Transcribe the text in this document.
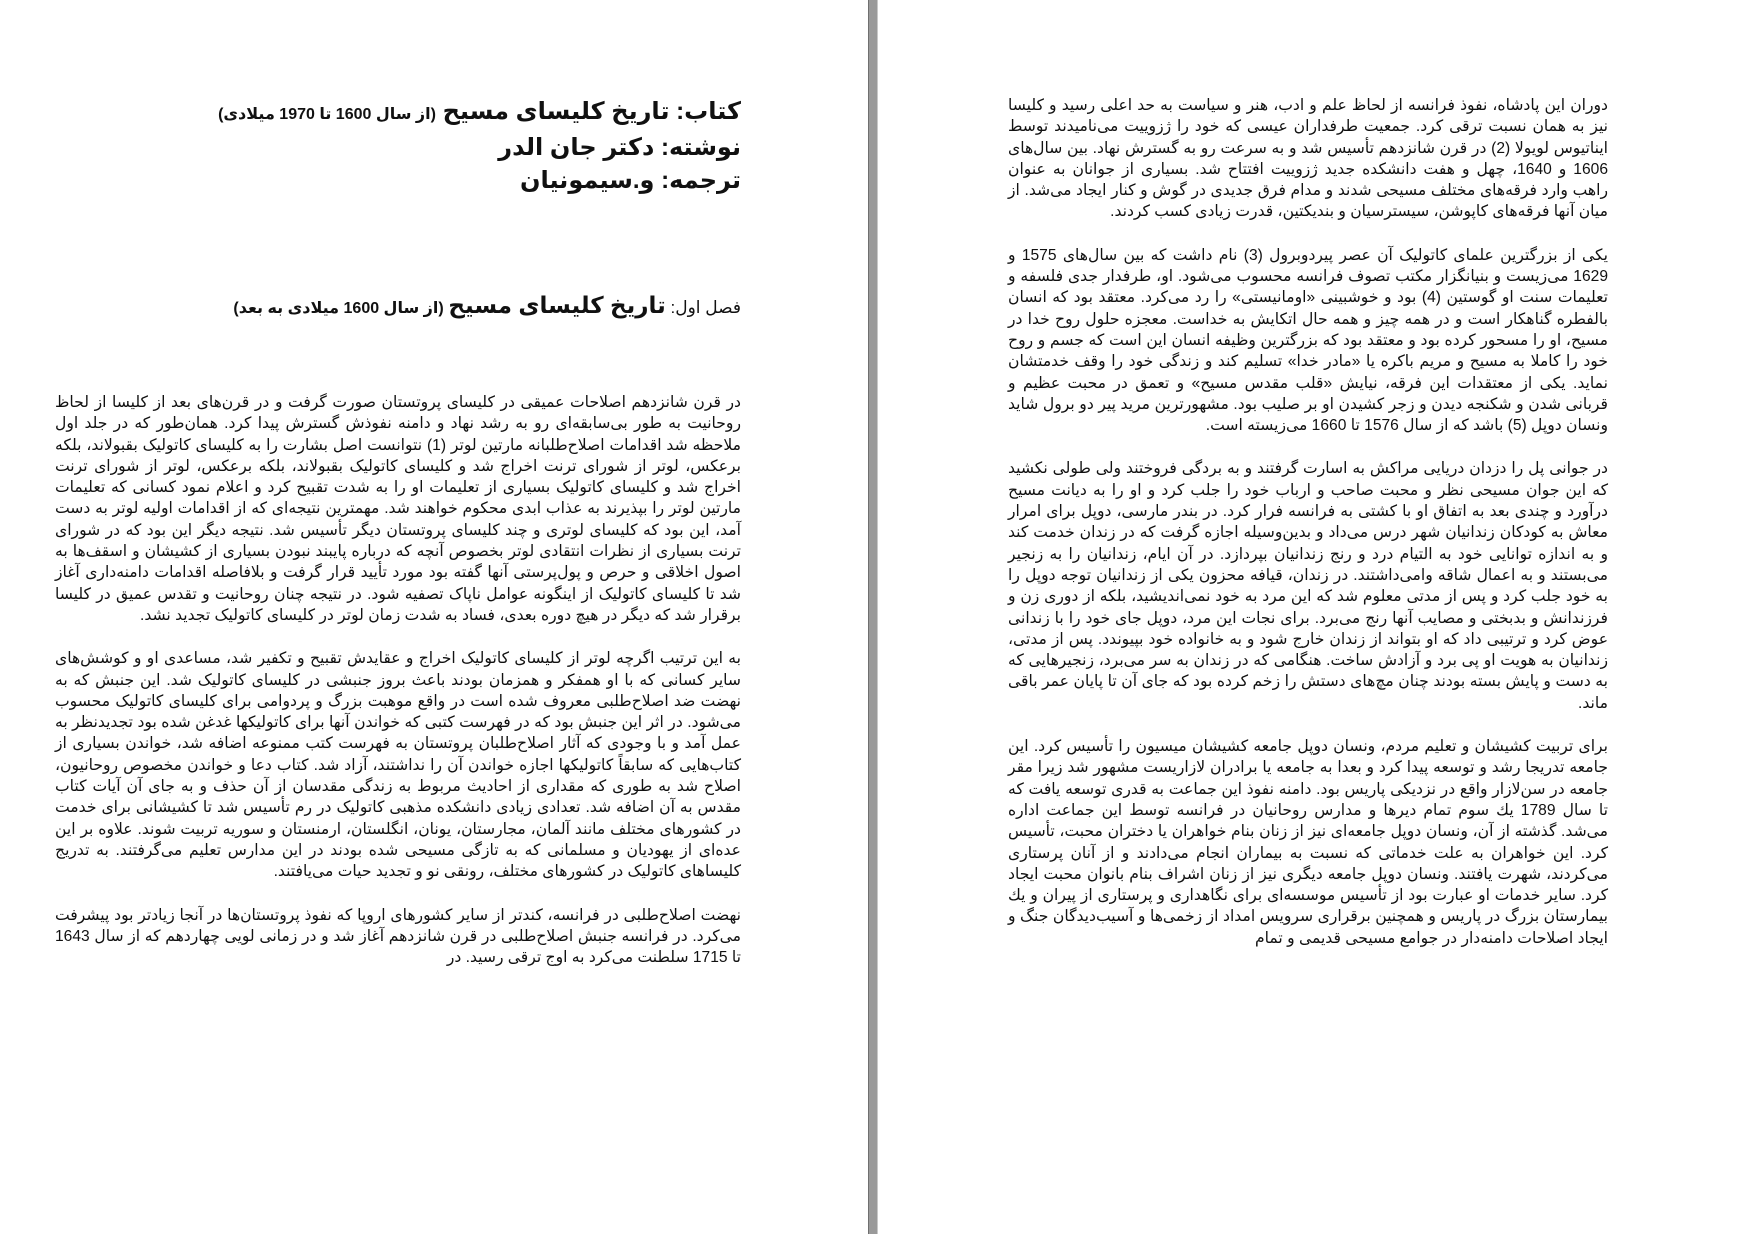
کتاب: تاریخ کلیسای مسیح (از سال 1600 تا 1970 میلادی)
نوشته: دکتر جان الدر
ترجمه: و.سیمونیان
فصل اول: تاریخ کلیسای مسیح (از سال 1600 میلادی به بعد)

در قرن شانزدهم اصلاحات عمیقی در کلیسای پروتستان صورت گرفت و در قرن‌های بعد از کلیسا از لحاظ روحانیت به طور بی‌سابقه‌ای رو به رشد نهاد و دامنه نفوذش گسترش پیدا کرد. همان‌طور که در جلد اول ملاحظه شد اقدامات اصلاح‌طلبانه مارتین لوتر (1) نتوانست اصل بشارت را به کلیسای کاتولیک بقبولاند، بلکه برعکس، لوتر از شورای ترنت اخراج شد و کلیسای کاتولیک بقبولاند، بلکه برعکس، لوتر از شورای ترنت اخراج شد و کلیسای کاتولیک بسیاری از تعلیمات او را به شدت تقبیح کرد و اعلام نمود کسانی که تعلیمات مارتین لوتر را بپذیرند به عذاب ابدی محکوم خواهند شد. مهمترین نتیجه‌ای که از اقدامات اولیه لوتر به دست آمد، این بود که کلیسای لوتری و چند کلیسای پروتستان دیگر تأسیس شد. نتیجه دیگر این بود که در شورای ترنت بسیاری از نظرات انتقادی لوتر بخصوص آنچه که درباره پایبند نبودن بسیاری از کشیشان و اسقف‌ها به اصول اخلاقی و حرص و پول‌پرستی آنها گفته بود مورد تأیید قرار گرفت و بلافاصله اقدامات دامنه‌داری آغاز شد تا کلیسای کاتولیک از اینگونه عوامل ناپاک تصفیه شود. در نتیجه چنان روحانیت و تقدس عمیق در کلیسا برقرار شد که دیگر در هیچ دوره بعدی، فساد به شدت زمان لوتر در کلیسای کاتولیک تجدید نشد.

به این ترتیب اگرچه لوتر از کلیسای کاتولیک اخراج و عقایدش تقبیح و تکفیر شد، مساعدی او و کوشش‌های سایر کسانی که با او همفکر و همزمان بودند باعث بروز جنبشی در کلیسای کاتولیک شد. این جنبش که به نهضت ضد اصلاح‌طلبی معروف شده است در واقع موهبت بزرگ و پردوامی برای کلیسای کاتولیک محسوب می‌شود. در اثر این جنبش بود که در فهرست کتبی که خواندن آنها برای کاتولیکها غدغن شده بود تجدیدنظر به عمل آمد و با وجودی که آثار اصلاح‌طلبان پروتستان به فهرست کتب ممنوعه اضافه شد، خواندن بسیاری از کتاب‌هایی که سابقاً کاتولیکها اجازه خواندن آن را نداشتند، آزاد شد. کتاب دعا و خواندن مخصوص روحانیون، اصلاح شد به طوری که مقداری از احادیث مربوط به زندگی مقدسان از آن حذف و به جای آن آیات کتاب مقدس به آن اضافه شد. تعدادی زیادی دانشکده مذهبی کاتولیک در رم تأسیس شد تا کشیشانی برای خدمت در کشورهای مختلف مانند آلمان، مجارستان، یونان، انگلستان، ارمنستان و سوریه تربیت شوند. علاوه بر این عده‌ای از یهودیان و مسلمانی که به تازگی مسیحی شده بودند در این مدارس تعلیم می‌گرفتند. به تدریج کلیساهای کاتولیک در کشورهای مختلف، رونقی نو و تجدید حیات می‌یافتند.

نهضت اصلاح‌طلبی در فرانسه، کندتر از سایر کشورهای اروپا که نفوذ پروتستان‌ها در آنجا زیادتر بود پیشرفت می‌کرد. در فرانسه جنبش اصلاح‌طلبی در قرن شانزدهم آغاز شد و در زمانی لویی چهاردهم که از سال 1643 تا 1715 سلطنت می‌کرد به اوج ترقی رسید. در

دوران این پادشاه، نفوذ فرانسه از لحاظ علم و ادب، هنر و سیاست به حد اعلی رسید و کلیسا نیز به همان نسبت ترقی کرد. جمعیت طرفداران عیسی که خود را ژزوییت می‌نامیدند توسط ایناتیوس لویولا (2) در قرن شانزدهم تأسیس شد و به سرعت رو به گسترش نهاد. بین سال‌های 1606 و 1640، چهل و هفت دانشکده جدید ژزوییت افتتاح شد. بسیاری از جوانان به عنوان راهب وارد فرقه‌های مختلف مسیحی شدند و مدام فرق جدیدی در گوش و کنار ایجاد می‌شد. از میان آنها فرقه‌های کاپوشن، سیسترسیان و بندیکتین، قدرت زیادی کسب کردند.

یکی از بزرگترین علمای کاتولیک آن عصر پیردوبرول (3) نام داشت که بین سال‌های 1575 و 1629 می‌زیست و بنیانگزار مکتب تصوف فرانسه محسوب می‌شود. او، طرفدار جدی فلسفه و تعلیمات سنت او گوستین (4) بود و خوشبینی «اومانیستی» را رد می‌کرد. معتقد بود که انسان بالفطره گناهکار است و در همه چیز و همه حال اتکایش به خداست. معجزه حلول روح خدا در مسیح، او را مسحور کرده بود و معتقد بود که بزرگترین وظیفه انسان این است که جسم و روح خود را کاملا به مسیح و مریم باکره یا «مادر خدا» تسلیم کند و زندگی خود را وقف خدمتشان نماید. یکی از معتقدات این فرقه، نیایش «قلب مقدس مسیح» و تعمق در محبت عظیم و قربانی شدن و شکنجه دیدن و زجر کشیدن او بر صلیب بود. مشهورترین مرید پیر دو برول شاید ونسان دوپل (5) باشد که از سال 1576 تا 1660 می‌زیسته است.

در جوانی پل را دزدان دریایی مراکش به اسارت گرفتند و به بردگی فروختند ولی طولی نکشید که این جوان مسیحی نظر و محبت صاحب و ارباب خود را جلب کرد و او را به دیانت مسیح درآورد و چندی بعد به اتفاق او با کشتی به فرانسه فرار کرد. در بندر مارسی، دوپل برای امرار معاش به کودکان زندانیان شهر درس می‌داد و بدین‌وسیله اجازه گرفت که در زندان خدمت کند و به اندازه توانایی خود به التیام درد و رنج زندانیان بپردازد. در آن ایام، زندانیان را به زنجیر می‌بستند و به اعمال شاقه وامی‌داشتند. در زندان، قیافه محزون یکی از زندانیان توجه دوپل را به خود جلب کرد و پس از مدتی معلوم شد که این مرد به خود نمی‌اندیشید، بلکه از دوری زن و فرزندانش و بدبختی و مصایب آنها رنج می‌برد. برای نجات این مرد، دوپل جای خود را با زندانی عوض کرد و ترتیبی داد که او بتواند از زندان خارج شود و به خانواده خود بپیوندد. پس از مدتی، زندانیان به هویت او پی برد و آزادش ساخت. هنگامی که در زندان به سر می‌برد، زنجیرهایی که به دست و پایش بسته بودند چنان مچ‌های دستش را زخم کرده بود که جای آن تا پایان عمر باقی ماند.

برای تربیت کشیشان و تعلیم مردم، ونسان دوپل جامعه کشیشان میسیون را تأسیس کرد. این جامعه تدریجا رشد و توسعه پیدا کرد و بعدا به جامعه یا برادران لازاریست مشهور شد زیرا مقر جامعه در سن‌لازار واقع در نزدیکی پاریس بود. دامنه نفوذ این جماعت به قدری توسعه یافت که تا سال 1789 یك سوم تمام دیرها و مدارس روحانیان در فرانسه توسط این جماعت اداره می‌شد. گذشته از آن، ونسان دوپل جامعه‌ای نیز از زنان بنام خواهران یا دختران محبت، تأسیس کرد. این خواهران به علت خدماتی که نسبت به بیماران انجام می‌دادند و از آنان پرستاری می‌کردند، شهرت یافتند. ونسان دوپل جامعه دیگری نیز از زنان اشراف بنام بانوان محبت ایجاد کرد. سایر خدمات او عبارت بود از تأسیس موسسه‌ای برای نگاهداری و پرستاری از پیران و یك بیمارستان بزرگ در پاریس و همچنین برقراری سرویس امداد از زخمی‌ها و آسیب‌دیدگان جنگ و ایجاد اصلاحات دامنه‌دار در جوامع مسیحی قدیمی و تمام
